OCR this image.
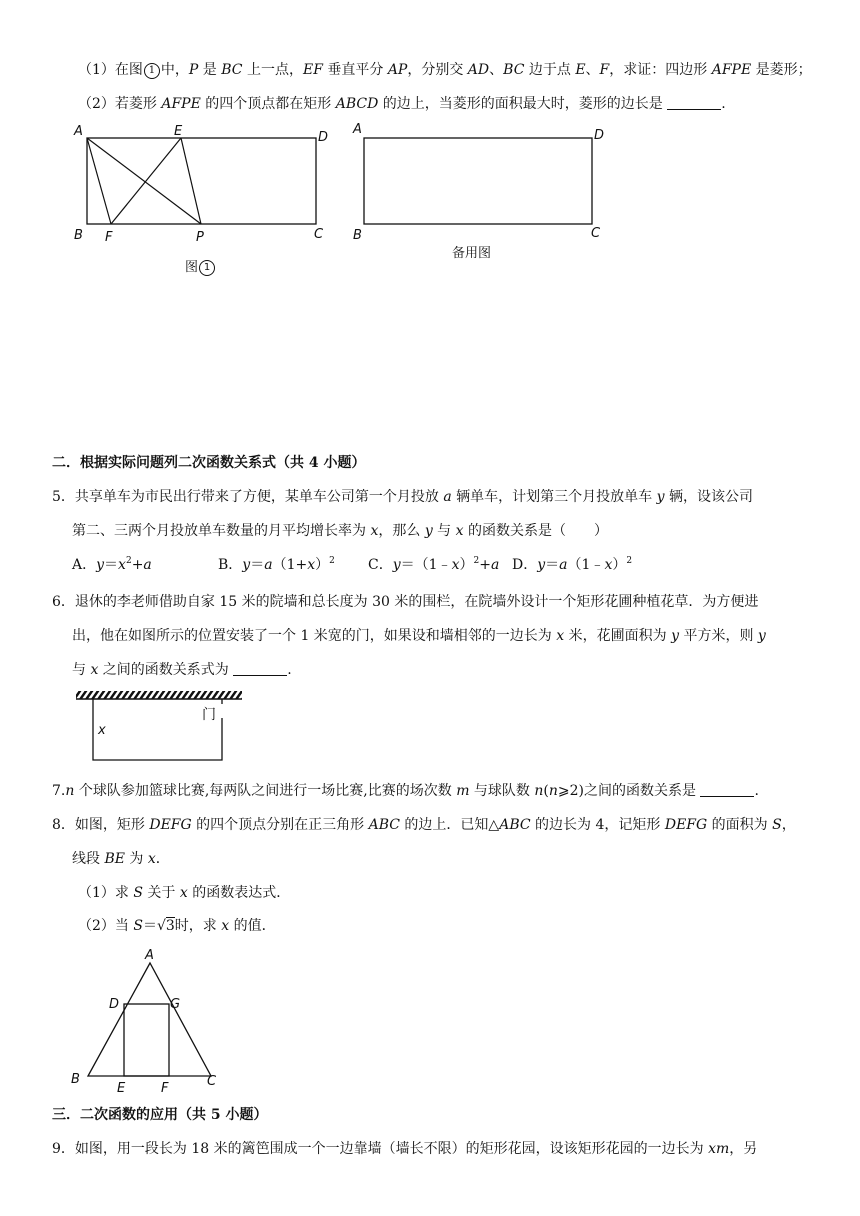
（1）在图 1 中，P 是 BC 上一点，EF 垂直平分 AP，分别交 AD、BC 边于点 E、F，求证：四边形 AFPE 是菱形；
（2）若菱形 AFPE 的四个顶点都在矩形 ABCD 的边上，当菱形的面积最大时，菱形的边长是	.
A	E	D
B F	P	C
图 1
A	D
B	C
备用图
二．根据实际问题列二次函数关系式（共 4 小题）
5．共享单车为市民出行带来了方便，某单车公司第一个月投放 a 辆单车，计划第三个月投放单车 y 辆，设该公司
第二、三两个月投放单车数量的月平均增长率为 x，那么 y 与 x 的函数关系是（　　）
A．$y=x^2+a$	B．$y=a(1+x)^2$ C．y＝（1﹣x）$^2$+a D．y＝a（1﹣x）$^2$
6．退休的李老师借助自家 15 米的院墙和总长度为 30 米的围栏，在院墙外设计一个矩形花圃种植花草．为方便进
出，他在如图所示的位置安装了一个 1 米宽的门，如果设和墙相邻的一边长为 x 米，花圃面积为 y 平方米，则 y
与 x 之间的函数关系式为	.
x
门
7.n 个球队参加篮球比赛,每两队之间进行一场比赛,比赛的场次数 m 与球队数 n(n⩾2)之间的函数关系是	.
8．如图，矩形 DEFG 的四个顶点分别在正三角形 ABC 的边上．已知△ABC 的边长为 4，记矩形 DEFG 的面积为 S，
线段 BE 为 x．
（1）求 S 关于 x 的函数表达式．
（2）当 S＝√3时，求 x 的值．
A
B	C
D
E	F
G
三．二次函数的应用（共 5 小题）
9．如图，用一段长为 18 米的篱笆围成一个一边靠墙（墙长不限）的矩形花园，设该矩形花园的一边长为 xm，另
